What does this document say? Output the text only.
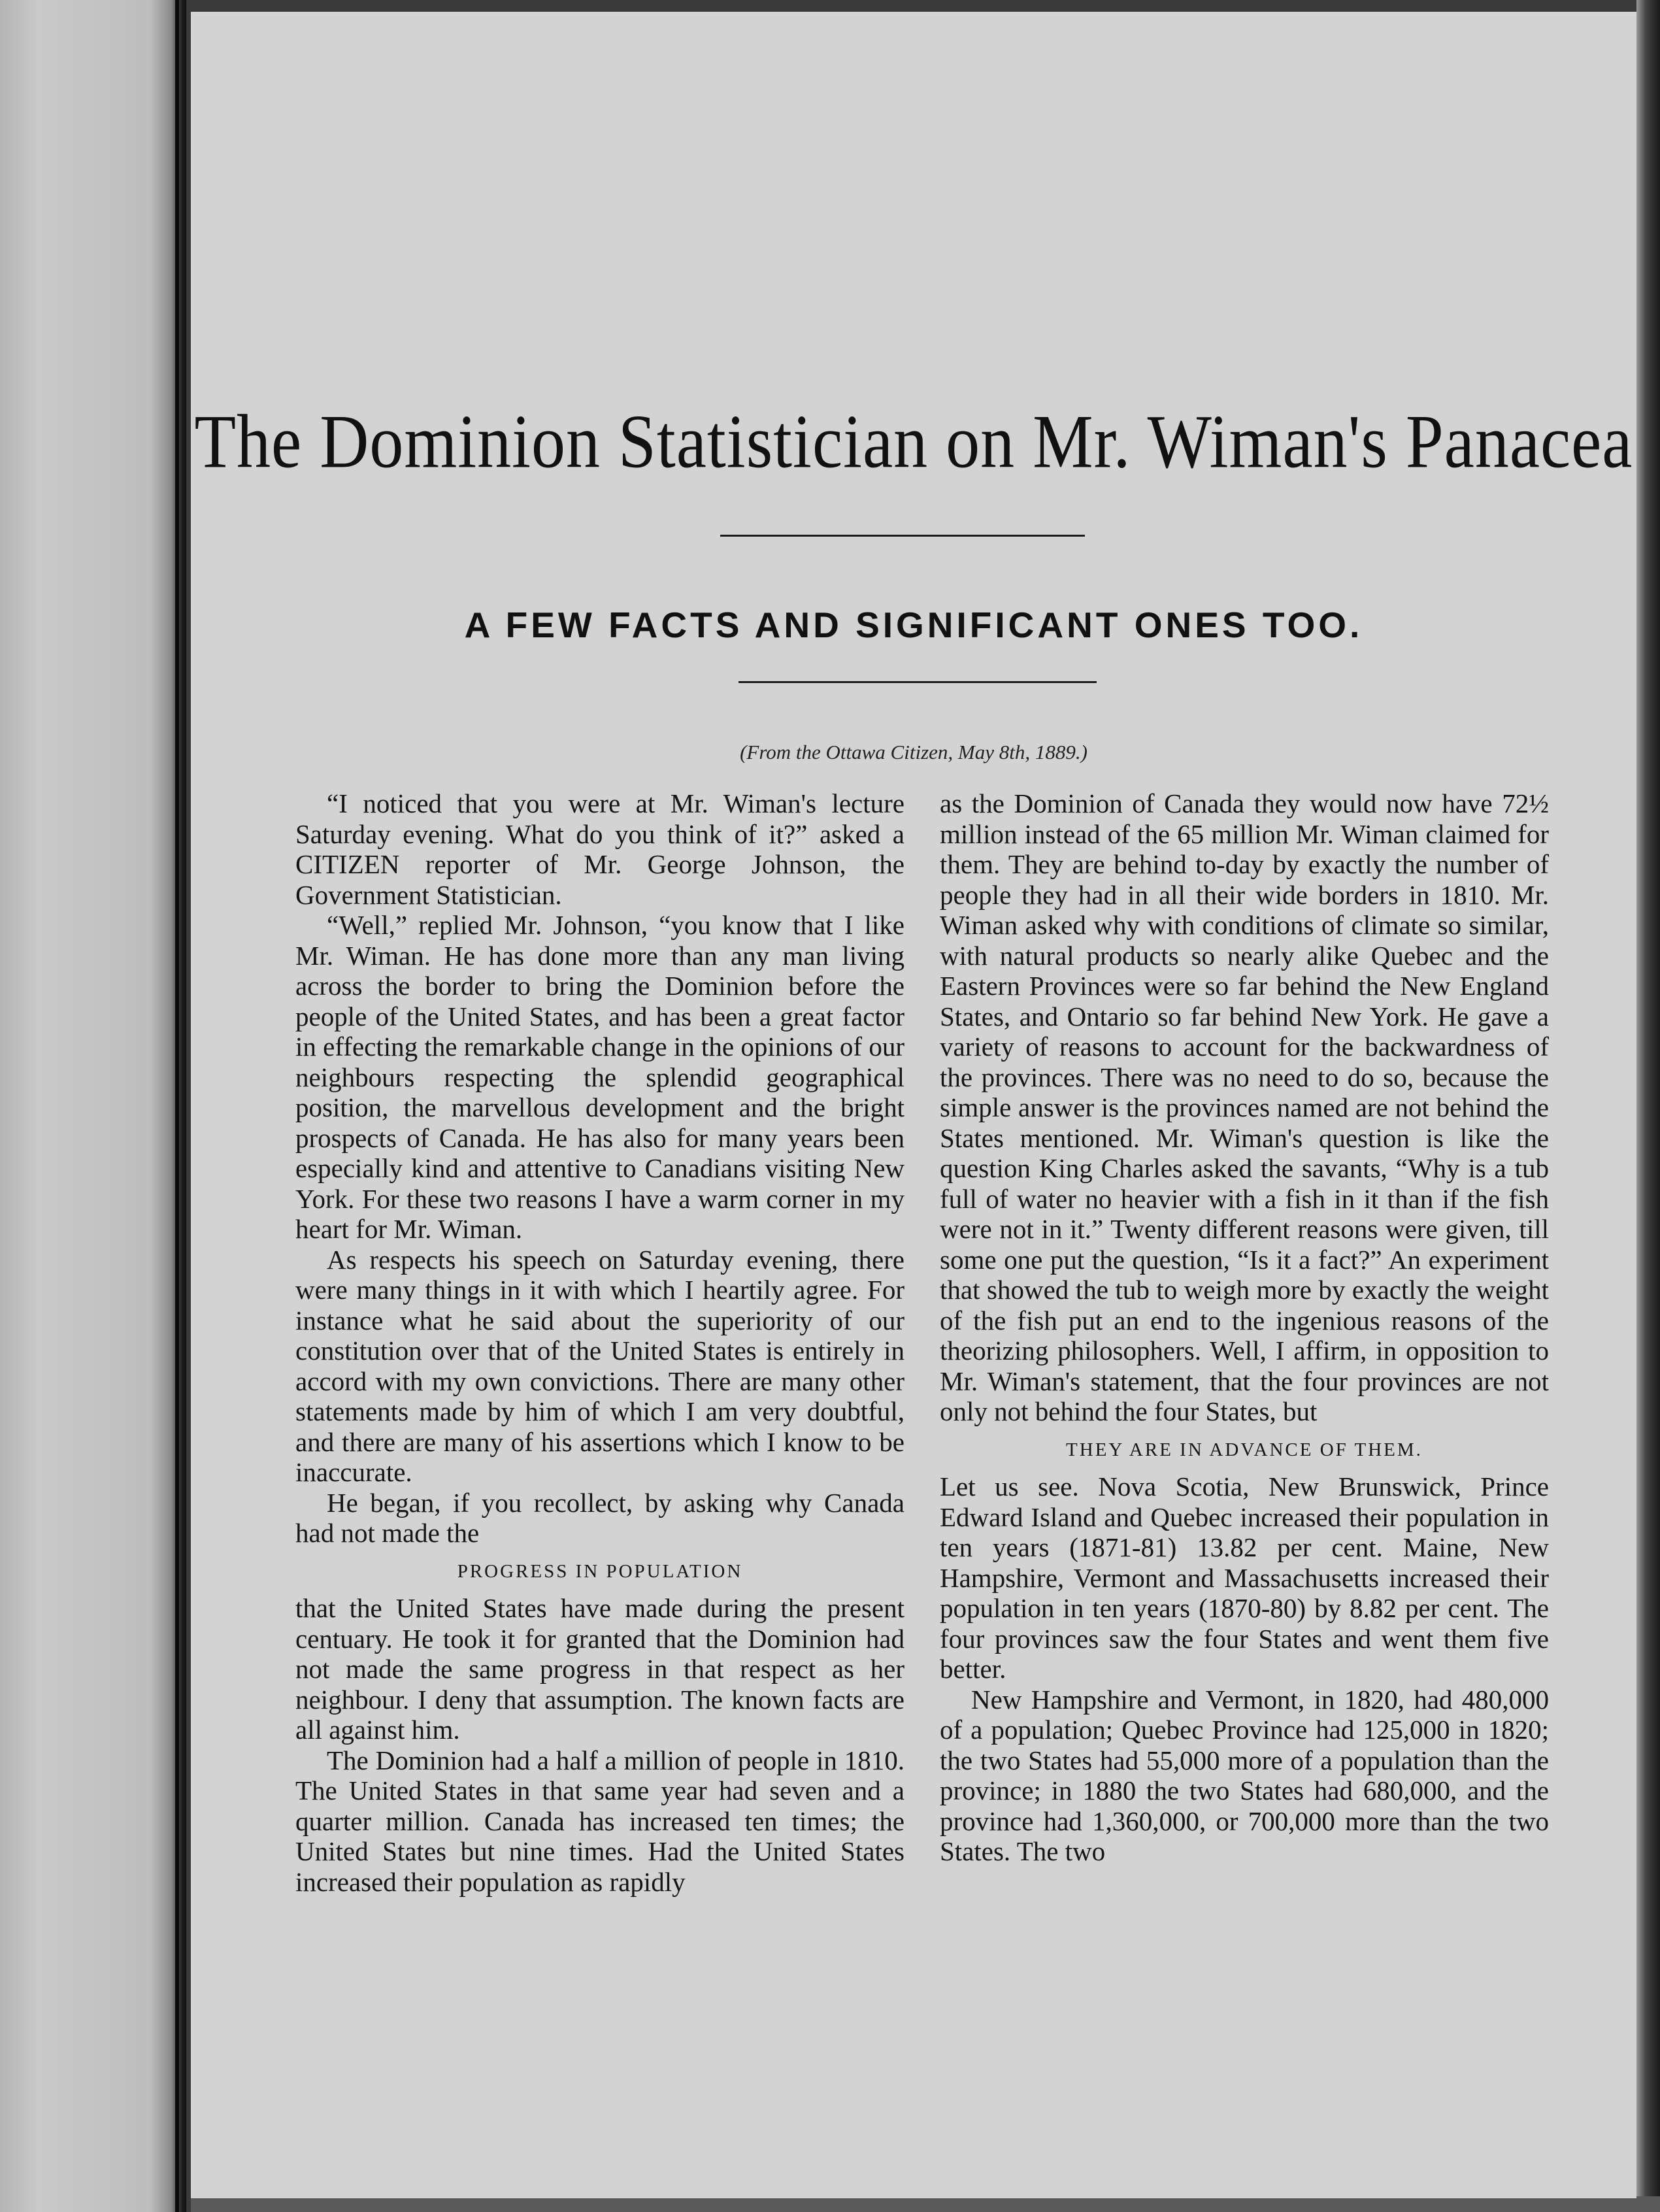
The Dominion Statistician on Mr. Wiman's Panacea
A FEW FACTS AND SIGNIFICANT ONES TOO.
(From the Ottawa Citizen, May 8th, 1889.)

“I noticed that you were at Mr. Wiman's lecture Saturday evening. What do you think of it?” asked a CITIZEN reporter of Mr. George Johnson, the Government Statistician.

“Well,” replied Mr. Johnson, “you know that I like Mr. Wiman. He has done more than any man living across the border to bring the Dominion before the people of the United States, and has been a great factor in effecting the remarkable change in the opinions of our neighbours respecting the splendid geographical position, the marvellous development and the bright prospects of Canada. He has also for many years been especially kind and attentive to Canadians visiting New York. For these two reasons I have a warm corner in my heart for Mr. Wiman.

As respects his speech on Saturday evening, there were many things in it with which I heartily agree. For instance what he said about the superiority of our constitution over that of the United States is entirely in accord with my own convictions. There are many other statements made by him of which I am very doubtful, and there are many of his assertions which I know to be inaccurate.

He began, if you recollect, by asking why Canada had not made the

PROGRESS IN POPULATION

that the United States have made during the present centuary. He took it for granted that the Dominion had not made the same progress in that respect as her neighbour. I deny that assumption. The known facts are all against him.

The Dominion had a half a million of people in 1810. The United States in that same year had seven and a quarter million. Canada has increased ten times; the United States but nine times. Had the United States increased their population as rapidly

as the Dominion of Canada they would now have 72½ million instead of the 65 million Mr. Wiman claimed for them. They are behind to-day by exactly the number of people they had in all their wide borders in 1810. Mr. Wiman asked why with conditions of climate so similar, with natural products so nearly alike Quebec and the Eastern Provinces were so far behind the New England States, and Ontario so far behind New York. He gave a variety of reasons to account for the backwardness of the provinces. There was no need to do so, because the simple answer is the provinces named are not behind the States mentioned. Mr. Wiman's question is like the question King Charles asked the savants, “Why is a tub full of water no heavier with a fish in it than if the fish were not in it.” Twenty different reasons were given, till some one put the question, “Is it a fact?” An experiment that showed the tub to weigh more by exactly the weight of the fish put an end to the ingenious reasons of the theorizing philosophers. Well, I affirm, in opposition to Mr. Wiman's statement, that the four provinces are not only not behind the four States, but

THEY ARE IN ADVANCE OF THEM.

Let us see. Nova Scotia, New Brunswick, Prince Edward Island and Quebec increased their population in ten years (1871-81) 13.82 per cent. Maine, New Hampshire, Vermont and Massachusetts increased their population in ten years (1870-80) by 8.82 per cent. The four provinces saw the four States and went them five better.

New Hampshire and Vermont, in 1820, had 480,000 of a population; Quebec Province had 125,000 in 1820; the two States had 55,000 more of a population than the province; in 1880 the two States had 680,000, and the province had 1,360,000, or 700,000 more than the two States. The two
